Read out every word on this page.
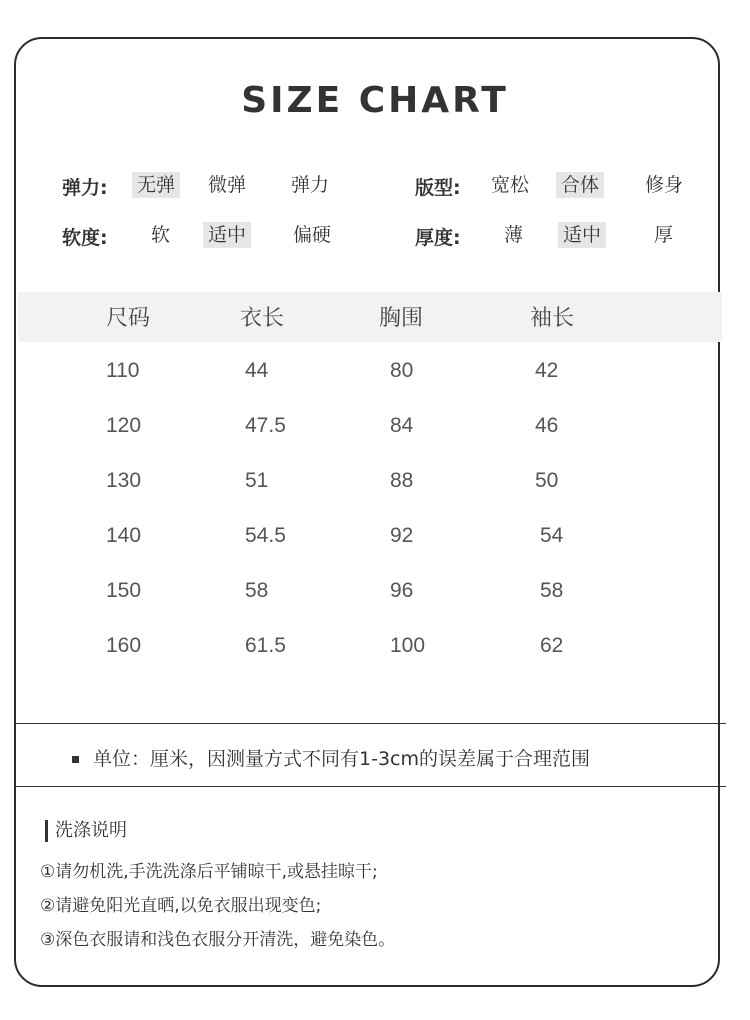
SIZE CHART
弹力: 无弹 微弹 弹力	版型: 宽松 合体 修身
软度: 软 适中 偏硬	厚度: 薄 适中	厚
尺码	衣长	胸围	袖长
110	44	80	42
120	47.5	84	46
130	51	88	50
140	54.5	92	54
150	58	96	58
160	61.5	100	62
单位：厘米，因测量方式不同有1-3cm的误差属于合理范围
洗涤说明
①请勿机洗,手洗洗涤后平铺晾干,或悬挂晾干;
②请避免阳光直晒,以免衣服出现变色;
③深色衣服请和浅色衣服分开清洗，避免染色。
